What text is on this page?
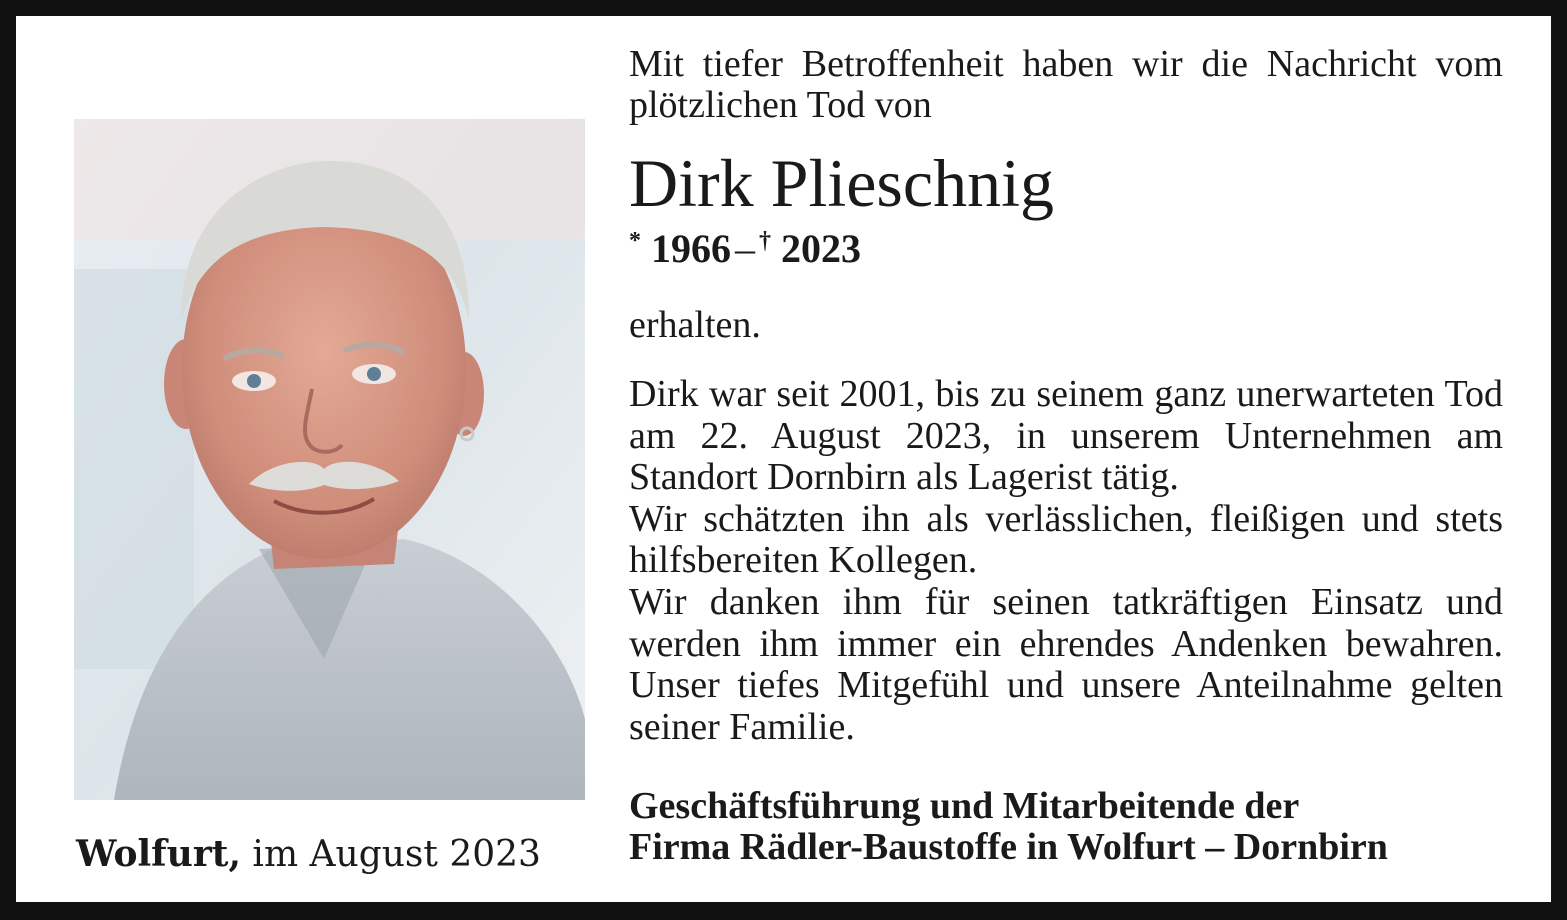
Wolfurt, im August 2023

Mit tiefer Betroffenheit haben wir die Nachricht vom plötzlichen Tod von

Dirk Plieschnig

* 1966 – † 2023

erhalten.

Dirk war seit 2001, bis zu seinem ganz unerwarteten Tod am 22. August 2023, in unserem Unternehmen am Standort Dornbirn als Lagerist tätig.

Wir schätzten ihn als verlässlichen, fleißigen und stets hilfsbereiten Kollegen.

Wir danken ihm für seinen tatkräftigen Einsatz und werden ihm immer ein ehrendes Andenken bewahren. Unser tiefes Mitgefühl und unsere Anteilnahme gelten seiner Familie.

Geschäftsführung und Mitarbeitende der
Firma Rädler-Baustoffe in Wolfurt – Dornbirn
